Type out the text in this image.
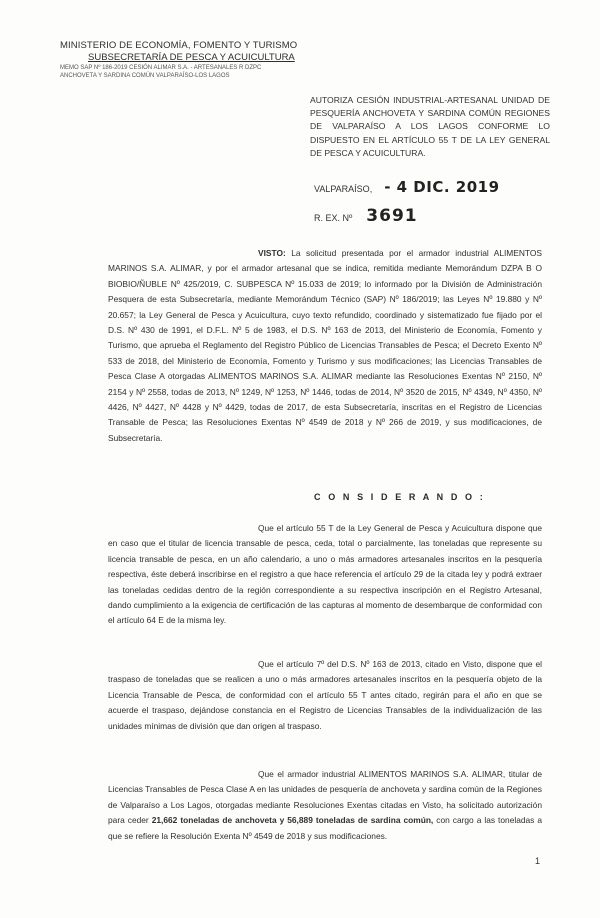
MINISTERIO DE ECONOMÍA, FOMENTO Y TURISMO
SUBSECRETARÍA DE PESCA Y ACUICULTURA
MEMO SAP Nº 186-2019 CESIÓN ALIMAR S.A. - ARTESANALES R DZPC
ANCHOVETA Y SARDINA COMÚN VALPARAÍSO-LOS LAGOS
AUTORIZA CESIÓN INDUSTRIAL-ARTESANAL UNIDAD DE PESQUERÍA ANCHOVETA Y SARDINA COMÚN REGIONES DE VALPARAÍSO A LOS LAGOS CONFORME LO DISPUESTO EN EL ARTÍCULO 55 T DE LA LEY GENERAL DE PESCA Y ACUICULTURA.
VALPARAÍSO, - 4 DIC. 2019
R. EX. Nº 3691
VISTO: La solicitud presentada por el armador industrial ALIMENTOS MARINOS S.A. ALIMAR, y por el armador artesanal que se indica, remitida mediante Memorándum DZPA B O BIOBIO/ÑUBLE Nº 425/2019, C. SUBPESCA Nº 15.033 de 2019; lo informado por la División de Administración Pesquera de esta Subsecretaría, mediante Memorándum Técnico (SAP) Nº 186/2019; las Leyes Nº 19.880 y Nº 20.657; la Ley General de Pesca y Acuicultura, cuyo texto refundido, coordinado y sistematizado fue fijado por el D.S. Nº 430 de 1991, el D.F.L. Nº 5 de 1983, el D.S. Nº 163 de 2013, del Ministerio de Economía, Fomento y Turismo, que aprueba el Reglamento del Registro Público de Licencias Transables de Pesca; el Decreto Exento Nº 533 de 2018, del Ministerio de Economía, Fomento y Turismo y sus modificaciones; las Licencias Transables de Pesca Clase A otorgadas ALIMENTOS MARINOS S.A. ALIMAR mediante las Resoluciones Exentas Nº 2150, Nº 2154 y Nº 2558, todas de 2013, Nº 1249, Nº 1253, Nº 1446, todas de 2014, Nº 3520 de 2015, Nº 4349, Nº 4350, Nº 4426, Nº 4427, Nº 4428 y Nº 4429, todas de 2017, de esta Subsecretaría, inscritas en el Registro de Licencias Transable de Pesca; las Resoluciones Exentas Nº 4549 de 2018 y Nº 266 de 2019, y sus modificaciones, de Subsecretaría.
C O N S I D E R A N D O :
Que el artículo 55 T de la Ley General de Pesca y Acuicultura dispone que en caso que el titular de licencia transable de pesca, ceda, total o parcialmente, las toneladas que represente su licencia transable de pesca, en un año calendario, a uno o más armadores artesanales inscritos en la pesquería respectiva, éste deberá inscribirse en el registro a que hace referencia el artículo 29 de la citada ley y podrá extraer las toneladas cedidas dentro de la región correspondiente a su respectiva inscripción en el Registro Artesanal, dando cumplimiento a la exigencia de certificación de las capturas al momento de desembarque de conformidad con el artículo 64 E de la misma ley.
Que el artículo 7º del D.S. Nº 163 de 2013, citado en Visto, dispone que el traspaso de toneladas que se realicen a uno o más armadores artesanales inscritos en la pesquería objeto de la Licencia Transable de Pesca, de conformidad con el artículo 55 T antes citado, regirán para el año en que se acuerde el traspaso, dejándose constancia en el Registro de Licencias Transables de la individualización de las unidades mínimas de división que dan origen al traspaso.
Que el armador industrial ALIMENTOS MARINOS S.A. ALIMAR, titular de Licencias Transables de Pesca Clase A en las unidades de pesquería de anchoveta y sardina común de la Regiones de Valparaíso a Los Lagos, otorgadas mediante Resoluciones Exentas citadas en Visto, ha solicitado autorización para ceder 21,662 toneladas de anchoveta y 56,889 toneladas de sardina común, con cargo a las toneladas a que se refiere la Resolución Exenta Nº 4549 de 2018 y sus modificaciones.
1
